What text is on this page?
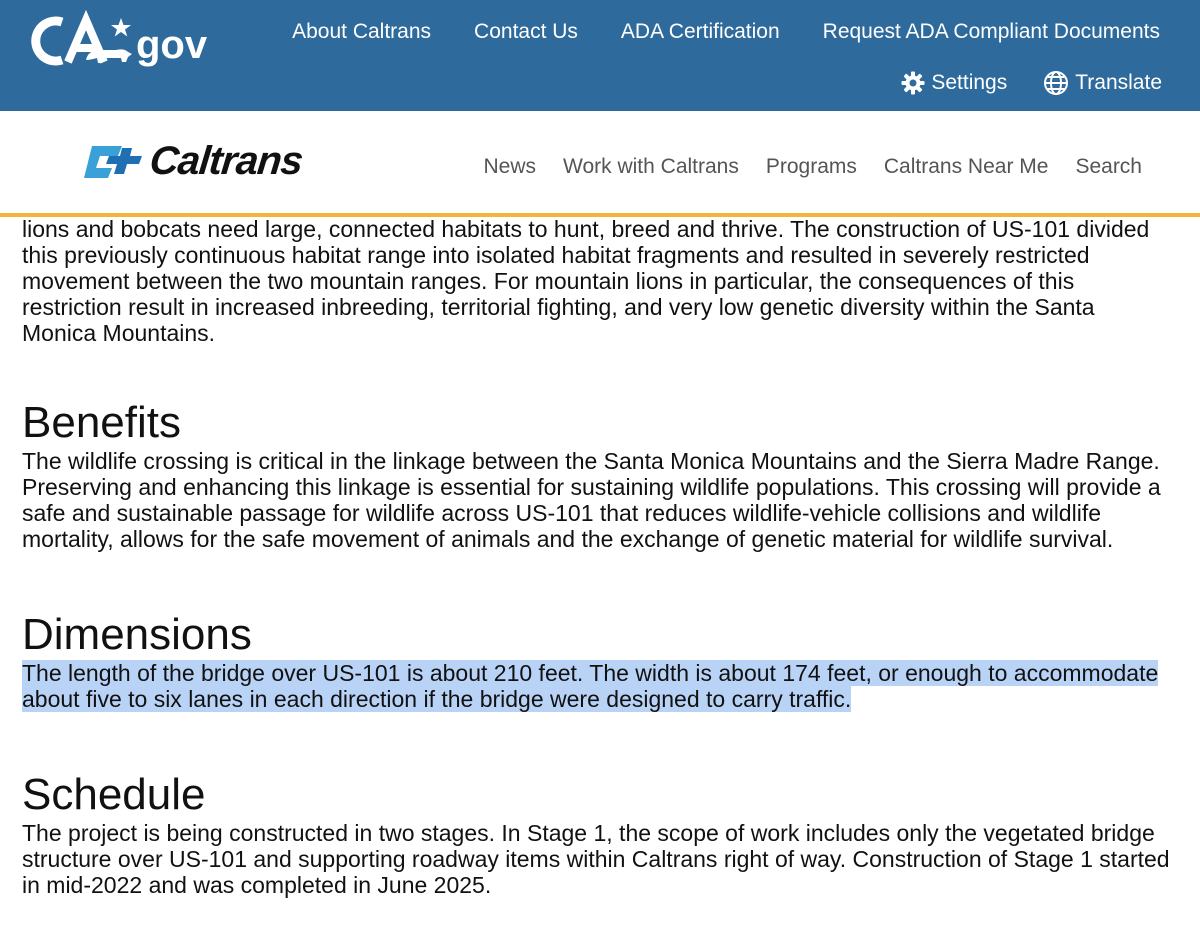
gov	About Caltrans Contact Us ADA Certification Request ADA Compliant Documents
Settings	Translate
Caltrans	News Work with Caltrans Programs Caltrans Near Me Search

lions and bobcats need large, connected habitats to hunt, breed and thrive. The construction of US-101 divided this previously continuous habitat range into isolated habitat fragments and resulted in severely restricted movement between the two mountain ranges. For mountain lions in particular, the consequences of this restriction result in increased inbreeding, territorial fighting, and very low genetic diversity within the Santa Monica Mountains.

Benefits

The wildlife crossing is critical in the linkage between the Santa Monica Mountains and the Sierra Madre Range. Preserving and enhancing this linkage is essential for sustaining wildlife populations. This crossing will provide a safe and sustainable passage for wildlife across US-101 that reduces wildlife-vehicle collisions and wildlife mortality, allows for the safe movement of animals and the exchange of genetic material for wildlife survival.

Dimensions

The length of the bridge over US-101 is about 210 feet. The width is about 174 feet, or enough to accommodate about five to six lanes in each direction if the bridge were designed to carry traffic.

Schedule

The project is being constructed in two stages. In Stage 1, the scope of work includes only the vegetated bridge structure over US-101 and supporting roadway items within Caltrans right of way. Construction of Stage 1 started in mid-2022 and was completed in June 2025.
